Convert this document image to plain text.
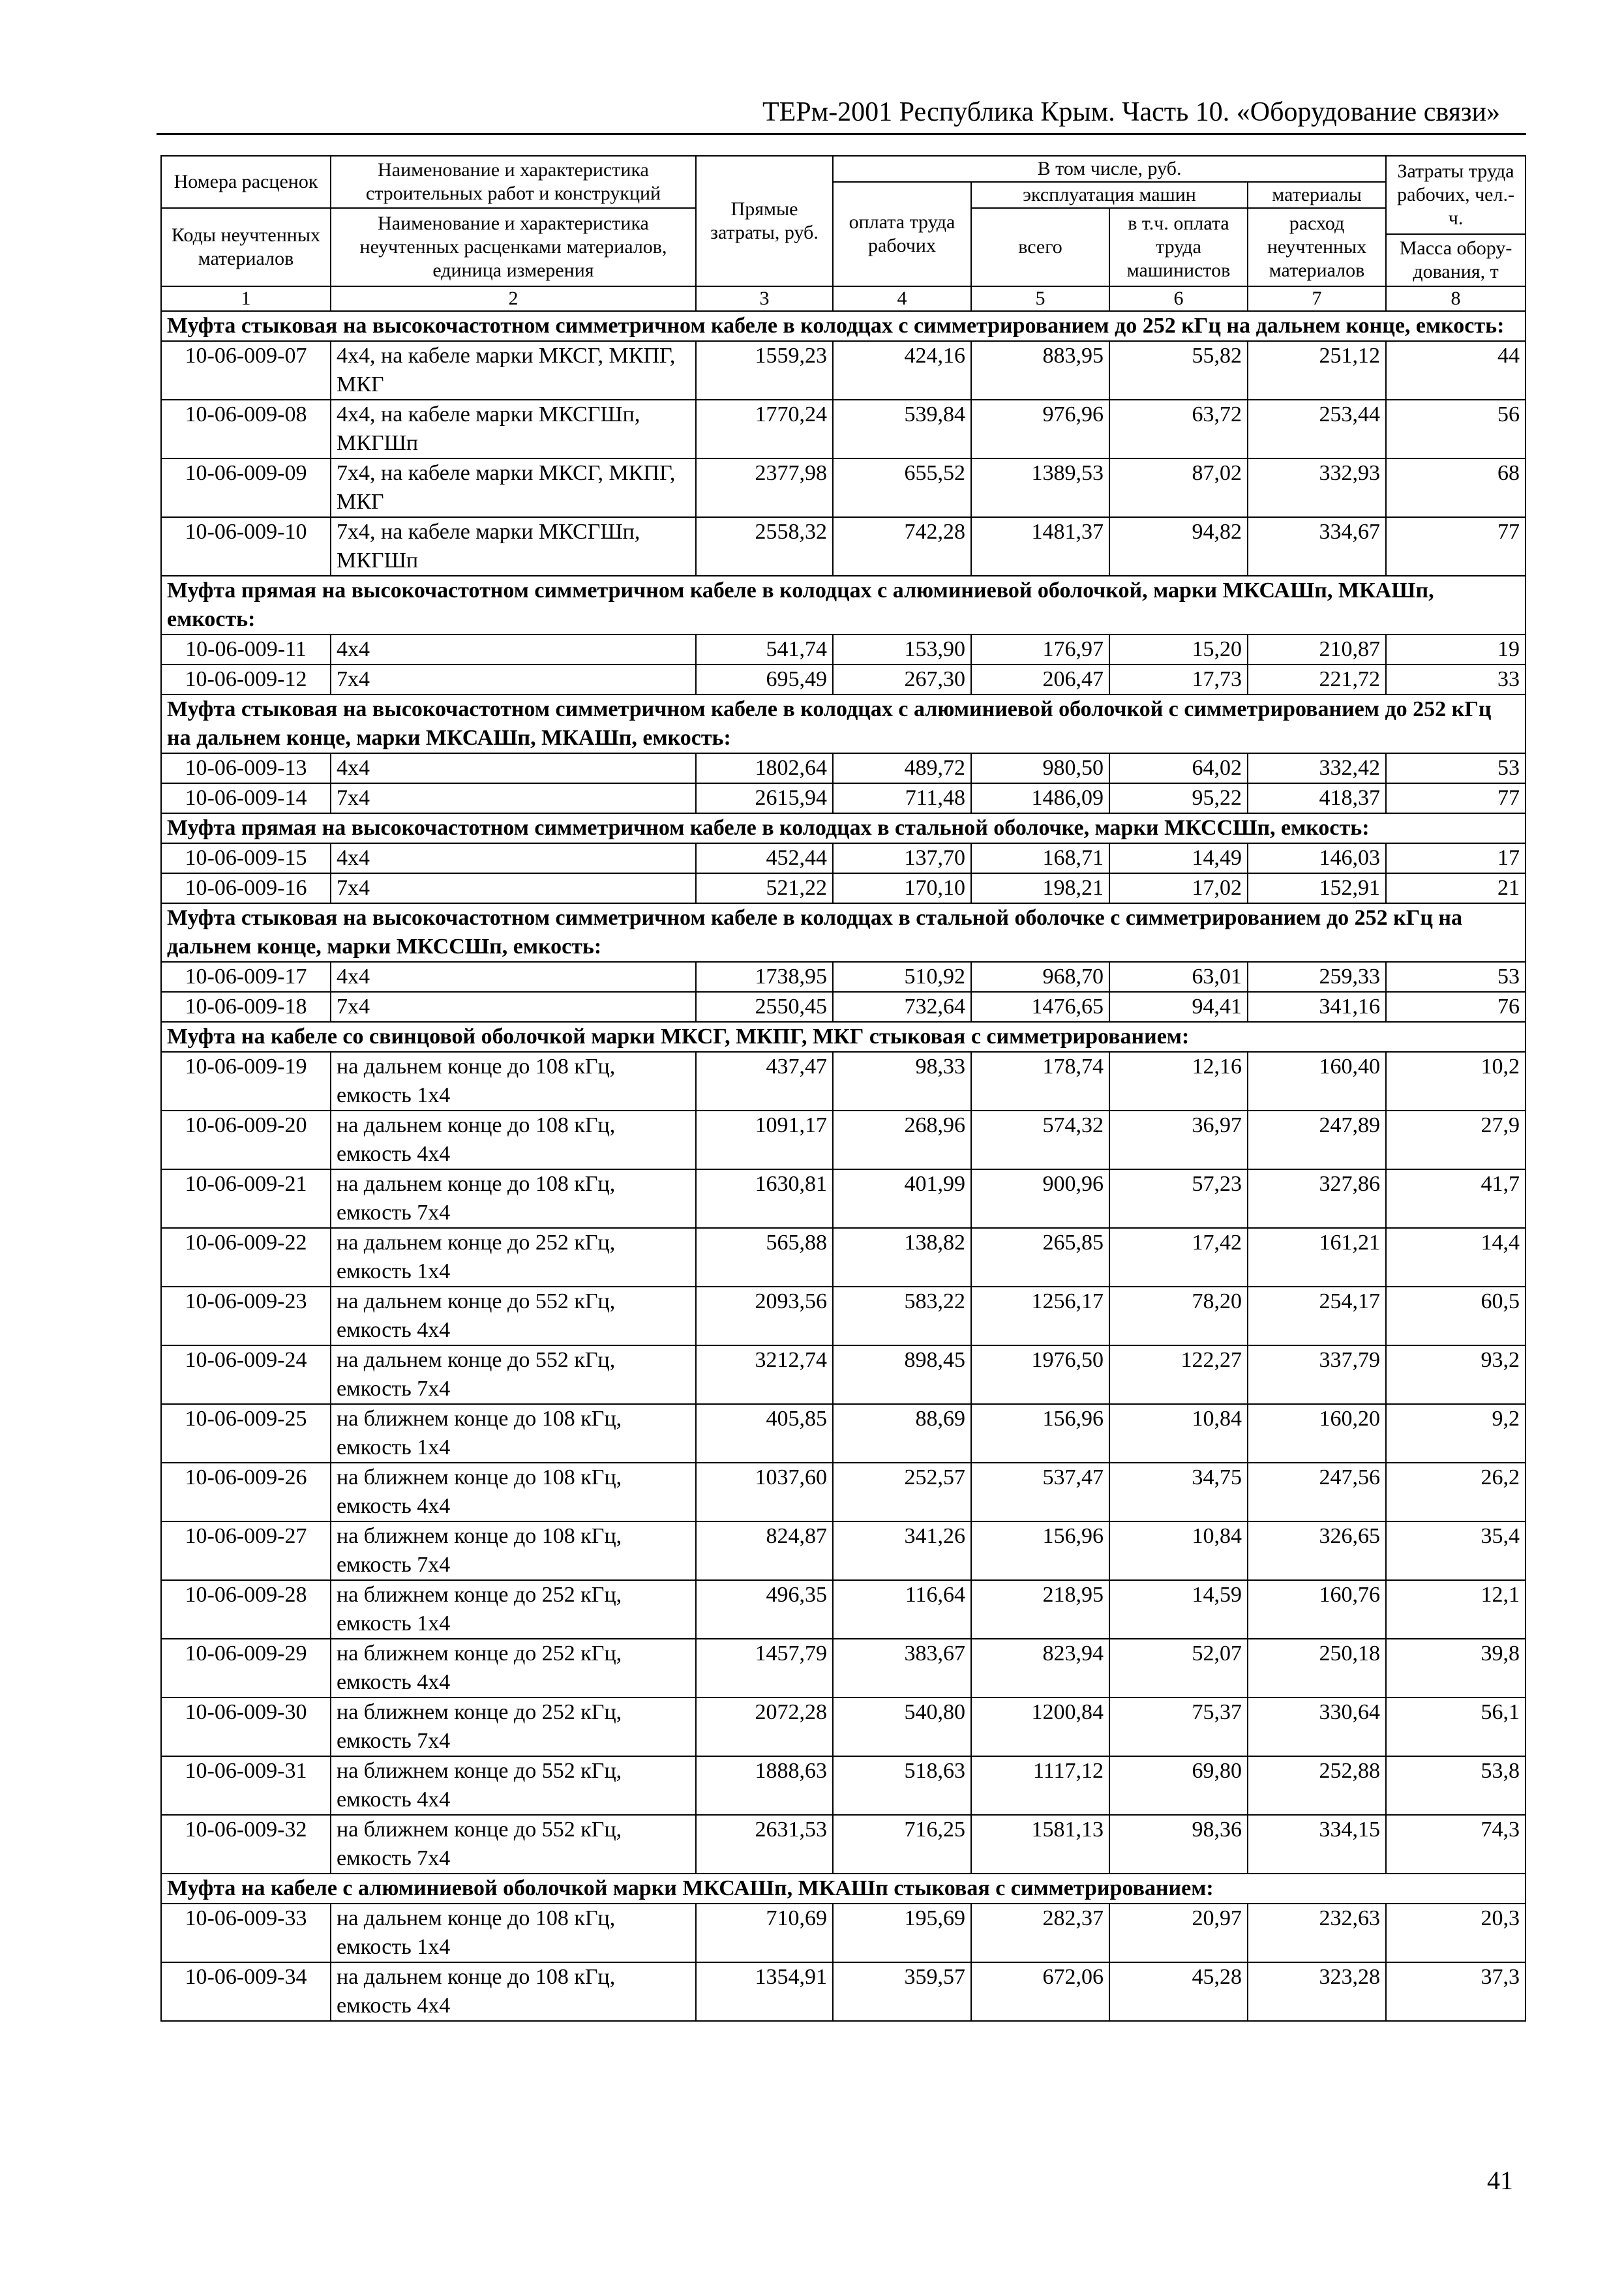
ТЕРм-2001 Республика Крым. Часть 10. «Оборудование связи»
Номера расценок	Наименование и характеристика строительных работ и конструкций	Прямые затраты, руб.	В том числе, руб.				Затраты труда рабочих, чел.-ч.
			оплата труда рабочих	эксплуатация машин		материалы	
Коды неучтенных материалов	Наименование и характеристика неучтенных расценками материалов, единица измерения			всего	в т.ч. оплата труда машинистов	расход неучтенных материалов	
							Масса обору-дования, т

1	2	3	4	5	6	7	8
Муфта стыковая на высокочастотном симметричном кабеле в колодцах с симметрированием до 252 кГц на дальнем конце, емкость:							
10-06-009-07	4x4, на кабеле марки МКСГ, МКПГ, МКГ	1559,23	424,16	883,95	55,82	251,12	44
10-06-009-08	4x4, на кабеле марки МКСГШп, МКГШп	1770,24	539,84	976,96	63,72	253,44	56
10-06-009-09	7x4, на кабеле марки МКСГ, МКПГ, МКГ	2377,98	655,52	1389,53	87,02	332,93	68
10-06-009-10	7x4, на кабеле марки МКСГШп, МКГШп	2558,32	742,28	1481,37	94,82	334,67	77
Муфта прямая на высокочастотном симметричном кабеле в колодцах с алюминиевой оболочкой, марки МКСАШп, МКАШп, емкость:							
10-06-009-11	4x4	541,74	153,90	176,97	15,20	210,87	19
10-06-009-12	7x4	695,49	267,30	206,47	17,73	221,72	33
Муфта стыковая на высокочастотном симметричном кабеле в колодцах с алюминиевой оболочкой с симметрированием до 252 кГц на дальнем конце, марки МКСАШп, МКАШп, емкость:							
10-06-009-13	4x4	1802,64	489,72	980,50	64,02	332,42	53
10-06-009-14	7x4	2615,94	711,48	1486,09	95,22	418,37	77
Муфта прямая на высокочастотном симметричном кабеле в колодцах в стальной оболочке, марки МКССШп, емкость:							
10-06-009-15	4x4	452,44	137,70	168,71	14,49	146,03	17
10-06-009-16	7x4	521,22	170,10	198,21	17,02	152,91	21
Муфта стыковая на высокочастотном симметричном кабеле в колодцах в стальной оболочке с симметрированием до 252 кГц на дальнем конце, марки МКССШп, емкость:							
10-06-009-17	4x4	1738,95	510,92	968,70	63,01	259,33	53
10-06-009-18	7x4	2550,45	732,64	1476,65	94,41	341,16	76
Муфта на кабеле со свинцовой оболочкой марки МКСГ, МКПГ, МКГ стыковая с симметрированием:							
10-06-009-19	на дальнем конце до 108 кГц, емкость 1x4	437,47	98,33	178,74	12,16	160,40	10,2
10-06-009-20	на дальнем конце до 108 кГц, емкость 4x4	1091,17	268,96	574,32	36,97	247,89	27,9
10-06-009-21	на дальнем конце до 108 кГц, емкость 7x4	1630,81	401,99	900,96	57,23	327,86	41,7
10-06-009-22	на дальнем конце до 252 кГц, емкость 1x4	565,88	138,82	265,85	17,42	161,21	14,4
10-06-009-23	на дальнем конце до 552 кГц, емкость 4x4	2093,56	583,22	1256,17	78,20	254,17	60,5
10-06-009-24	на дальнем конце до 552 кГц, емкость 7x4	3212,74	898,45	1976,50	122,27	337,79	93,2
10-06-009-25	на ближнем конце до 108 кГц, емкость 1x4	405,85	88,69	156,96	10,84	160,20	9,2
10-06-009-26	на ближнем конце до 108 кГц, емкость 4x4	1037,60	252,57	537,47	34,75	247,56	26,2
10-06-009-27	на ближнем конце до 108 кГц, емкость 7x4	824,87	341,26	156,96	10,84	326,65	35,4
10-06-009-28	на ближнем конце до 252 кГц, емкость 1x4	496,35	116,64	218,95	14,59	160,76	12,1
10-06-009-29	на ближнем конце до 252 кГц, емкость 4x4	1457,79	383,67	823,94	52,07	250,18	39,8
10-06-009-30	на ближнем конце до 252 кГц, емкость 7x4	2072,28	540,80	1200,84	75,37	330,64	56,1
10-06-009-31	на ближнем конце до 552 кГц, емкость 4x4	1888,63	518,63	1117,12	69,80	252,88	53,8
10-06-009-32	на ближнем конце до 552 кГц, емкость 7x4	2631,53	716,25	1581,13	98,36	334,15	74,3
Муфта на кабеле с алюминиевой оболочкой марки МКСАШп, МКАШп стыковая с симметрированием:							
10-06-009-33	на дальнем конце до 108 кГц, емкость 1x4	710,69	195,69	282,37	20,97	232,63	20,3
10-06-009-34	на дальнем конце до 108 кГц, емкость 4x4	1354,91	359,57	672,06	45,28	323,28	37,3
41
